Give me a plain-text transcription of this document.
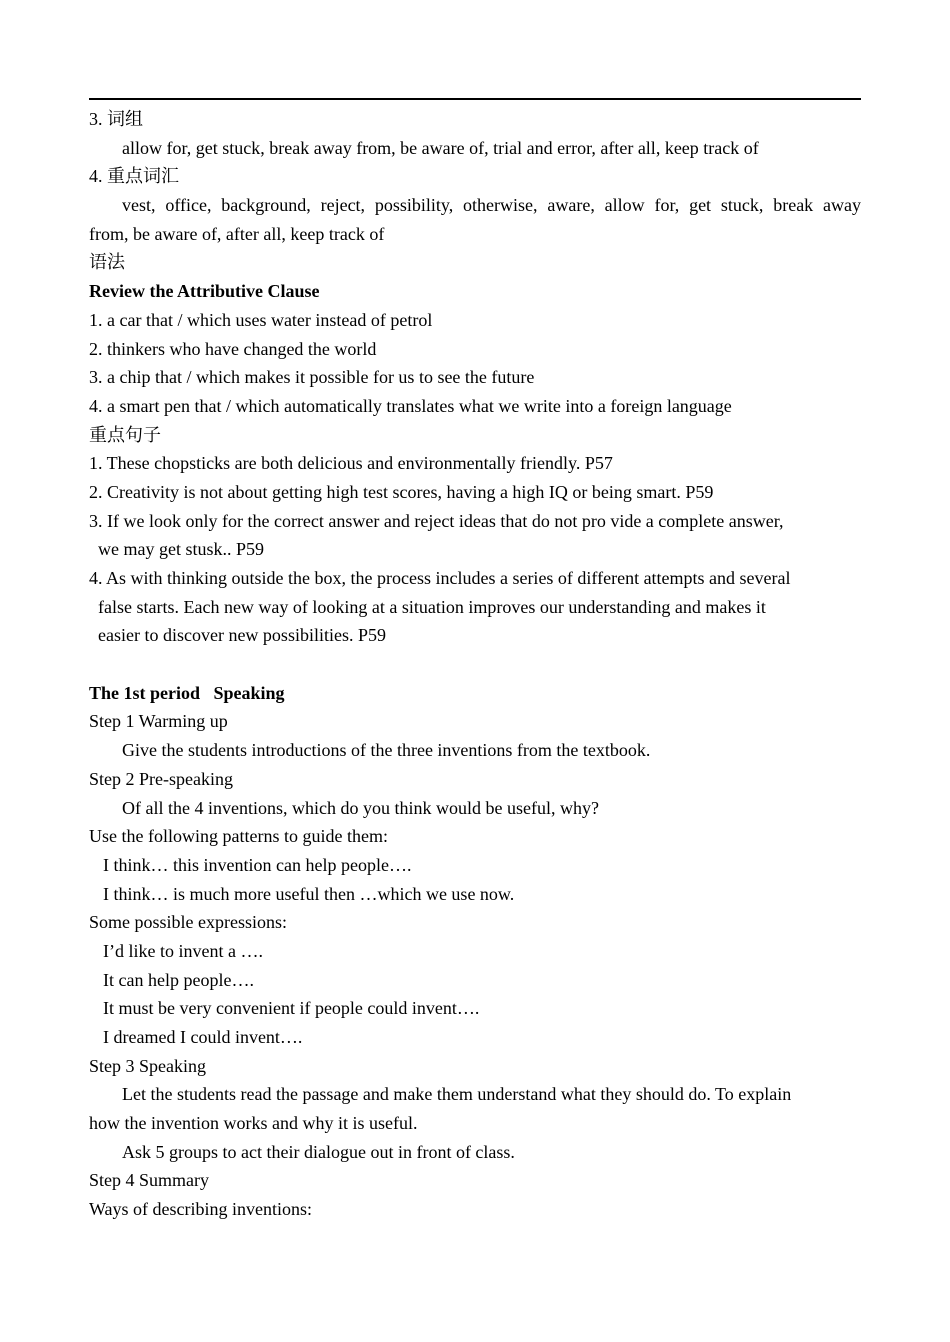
3. 词组
allow for, get stuck, break away from, be aware of, trial and error, after all, keep track of
4. 重点词汇
vest, office, background, reject, possibility, otherwise, aware, allow for, get stuck, break away
from, be aware of, after all, keep track of
语法
Review the Attributive Clause
1. a car that / which uses water instead of petrol
2. thinkers who have changed the world
3. a chip that / which makes it possible for us to see the future
4. a smart pen that / which automatically translates what we write into a foreign language
重点句子
1. These chopsticks are both delicious and environmentally friendly. P57
2. Creativity is not about getting high test scores, having a high IQ or being smart. P59
3. If we look only for the correct answer and reject ideas that do not pro vide a complete answer,
we may get stusk.. P59
4. As with thinking outside the box, the process includes a series of different attempts and several
false starts. Each new way of looking at a situation improves our understanding and makes it
easier to discover new possibilities. P59
The 1st period   Speaking
Step 1 Warming up
Give the students introductions of the three inventions from the textbook.
Step 2 Pre-speaking
Of all the 4 inventions, which do you think would be useful, why?
Use the following patterns to guide them:
I think… this invention can help people….
I think… is much more useful then …which we use now.
Some possible expressions:
I’d like to invent a ….
It can help people….
It must be very convenient if people could invent….
I dreamed I could invent….
Step 3 Speaking
Let the students read the passage and make them understand what they should do. To explain
how the invention works and why it is useful.
Ask 5 groups to act their dialogue out in front of class.
Step 4 Summary
Ways of describing inventions:
